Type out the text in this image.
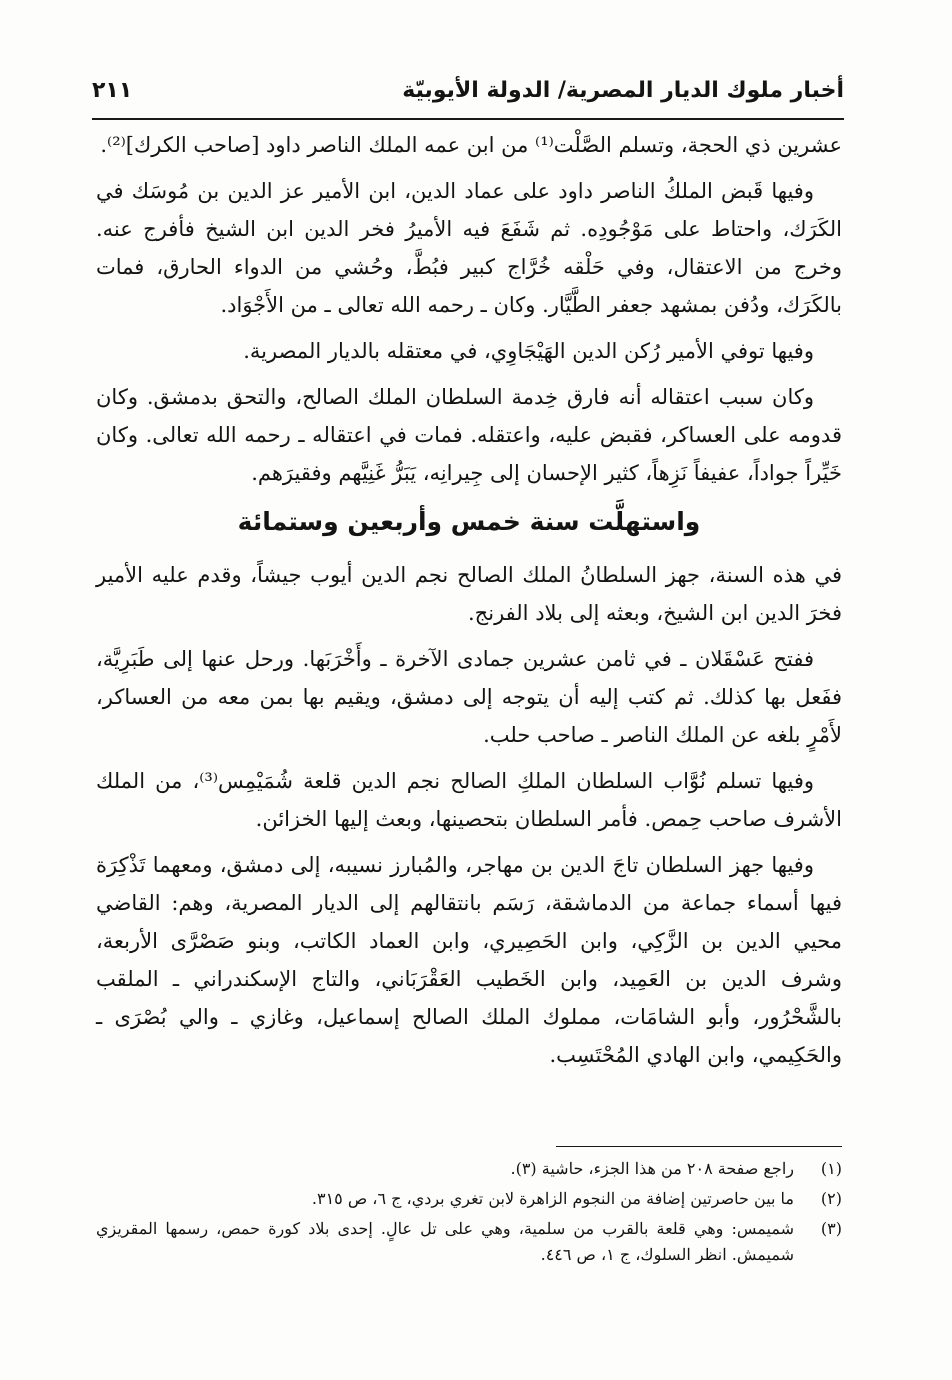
أخبار ملوك الديار المصرية/ الدولة الأيوبيّة
٢١١

عشرين ذي الحجة، وتسلم الصَّلْت⁽¹⁾ من ابن عمه الملك الناصر داود [صاحب الكرك]⁽²⁾.

وفيها قَبض الملكُ الناصر داود على عماد الدين، ابن الأمير عز الدين بن مُوسَك في الكَرَك، واحتاط على مَوْجُودِه. ثم شَفَعَ فيه الأميرُ فخر الدين ابن الشيخ فأفرج عنه. وخرج من الاعتقال، وفي حَلْقه خُرَّاج كبير فبُطَّ، وحُشي من الدواء الحارق، فمات بالكَرَك، ودُفن بمشهد جعفر الطَّيَّار. وكان ـ رحمه الله تعالى ـ من الأَجْوَاد.

وفيها توفي الأمير رُكن الدين الهَيْجَاوِي، في معتقله بالديار المصرية.

وكان سبب اعتقاله أنه فارق خِدمة السلطان الملك الصالح، والتحق بدمشق. وكان قدومه على العساكر، فقبض عليه، واعتقله. فمات في اعتقاله ـ رحمه الله تعالى. وكان خَيِّراً جواداً، عفيفاً نَزِهاً، كثير الإحسان إلى جِيرانِه، يَبَرُّ غَنِيَّهم وفقيرَهم.

واستهلَّت سنة خمس وأربعين وستمائة

في هذه السنة، جهز السلطانُ الملك الصالح نجم الدين أيوب جيشاً، وقدم عليه الأمير فخرَ الدين ابن الشيخ، وبعثه إلى بلاد الفرنج.

ففتح عَسْقَلان ـ في ثامن عشرين جمادى الآخرة ـ وأَخْرَبَها. ورحل عنها إلى طَبَرِيَّة، ففَعل بها كذلك. ثم كتب إليه أن يتوجه إلى دمشق، ويقيم بها بمن معه من العساكر، لأَمْرٍ بلغه عن الملك الناصر ـ صاحب حلب.

وفيها تسلم نُوَّاب السلطان الملكِ الصالح نجم الدين قلعة شُمَيْمِس⁽³⁾، من الملك الأشرف صاحب حِمص. فأمر السلطان بتحصينها، وبعث إليها الخزائن.

وفيها جهز السلطان تاجَ الدين بن مهاجر، والمُبارز نسيبه، إلى دمشق، ومعهما تَذْكِرَة فيها أسماء جماعة من الدماشقة، رَسَم بانتقالهم إلى الديار المصرية، وهم: القاضي محيي الدين بن الزَّكِي، وابن الحَصِيري، وابن العماد الكاتب، وبنو صَصْرَّى الأربعة، وشرف الدين بن العَمِيد، وابن الخَطيب العَقْرَبَاني، والتاج الإسكندراني ـ الملقب بالشَّحْرُور، وأبو الشامَات، مملوك الملك الصالح إسماعيل، وغازي ـ والي بُصْرَى ـ والحَكِيمي، وابن الهادي المُحْتَسِب.

(١)
راجع صفحة ٢٠٨ من هذا الجزء، حاشية (٣).
(٢)
ما بين حاصرتين إضافة من النجوم الزاهرة لابن تغري بردي، ج ٦، ص ٣١٥.
(٣)
شميمس: وهي قلعة بالقرب من سلمية، وهي على تل عالٍ. إحدى بلاد كورة حمص، رسمها المقريزي شميمش. انظر السلوك، ج ١، ص ٤٤٦.
